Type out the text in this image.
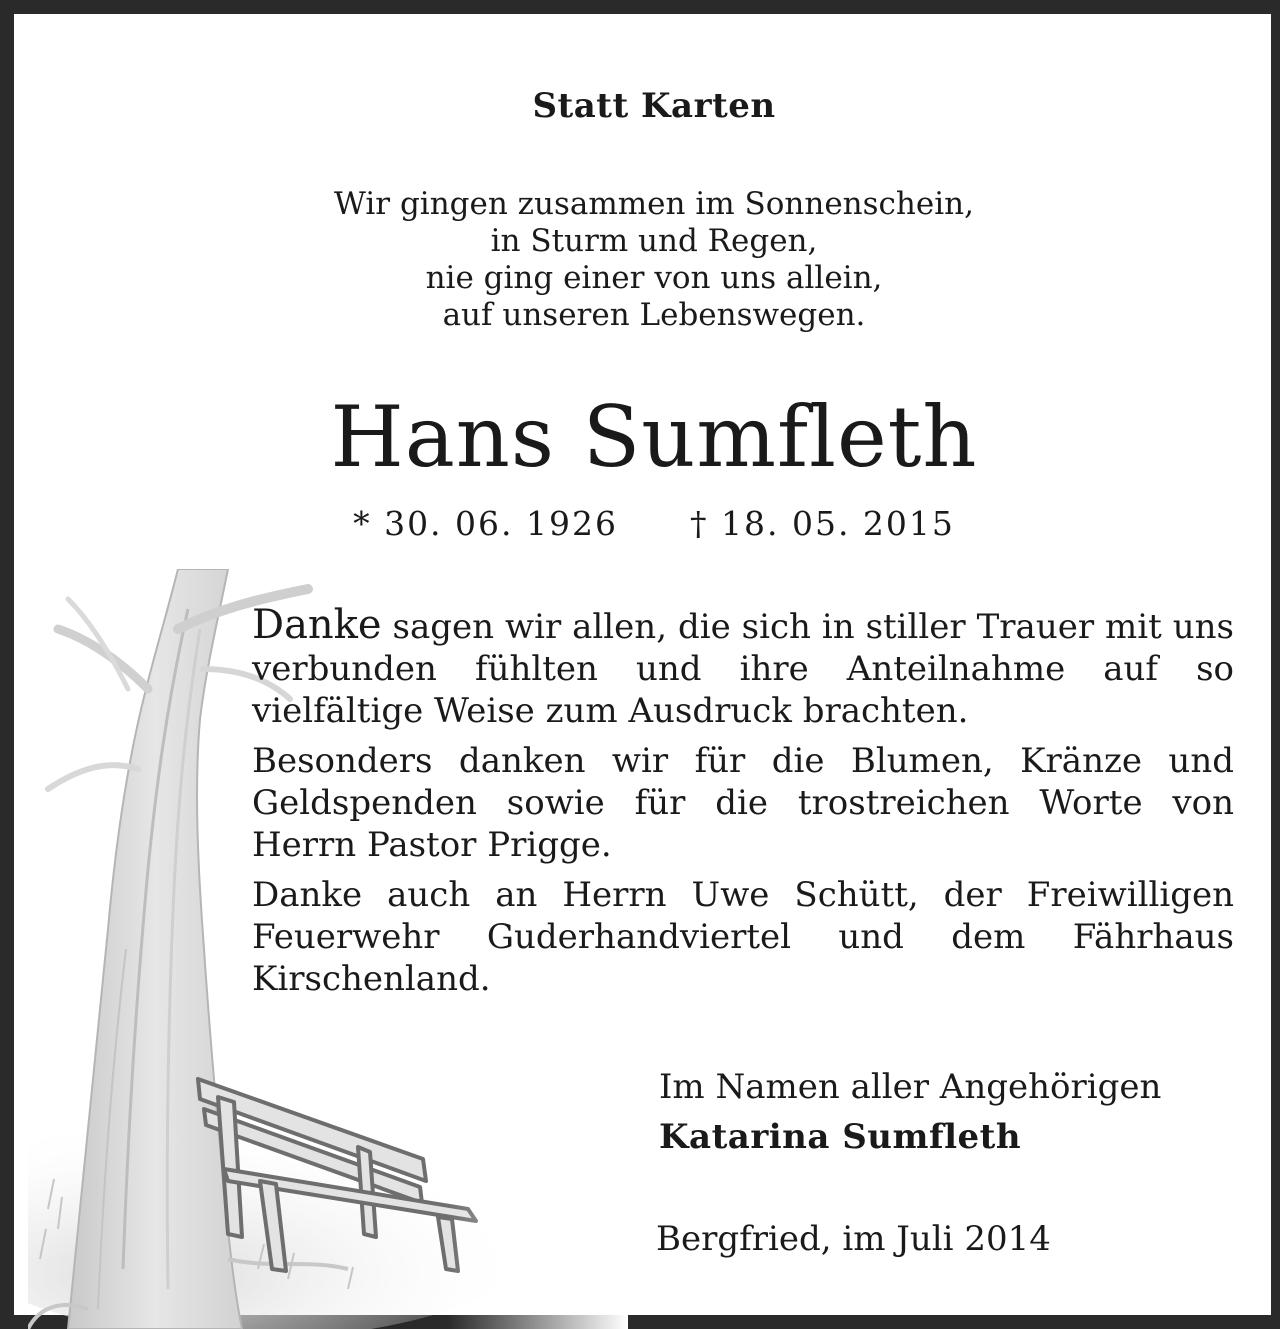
Statt Karten
Wir gingen zusammen im Sonnenschein,
in Sturm und Regen,
nie ging einer von uns allein,
auf unseren Lebenswegen.
Hans Sumfleth
* 30. 06. 1926 † 18. 05. 2015

Danke sagen wir allen, die sich in stiller Trauer mit uns verbunden fühlten und ihre Anteilnahme auf so vielfältige Weise zum Ausdruck brachten.

Besonders danken wir für die Blumen, Kränze und Geldspenden sowie für die trostreichen Worte von Herrn Pastor Prigge.

Danke auch an Herrn Uwe Schütt, der Freiwilligen Feuerwehr Guderhandviertel und dem Fährhaus Kirschenland.

Im Namen aller Angehörigen
Katarina Sumfleth
Bergfried, im Juli 2014
